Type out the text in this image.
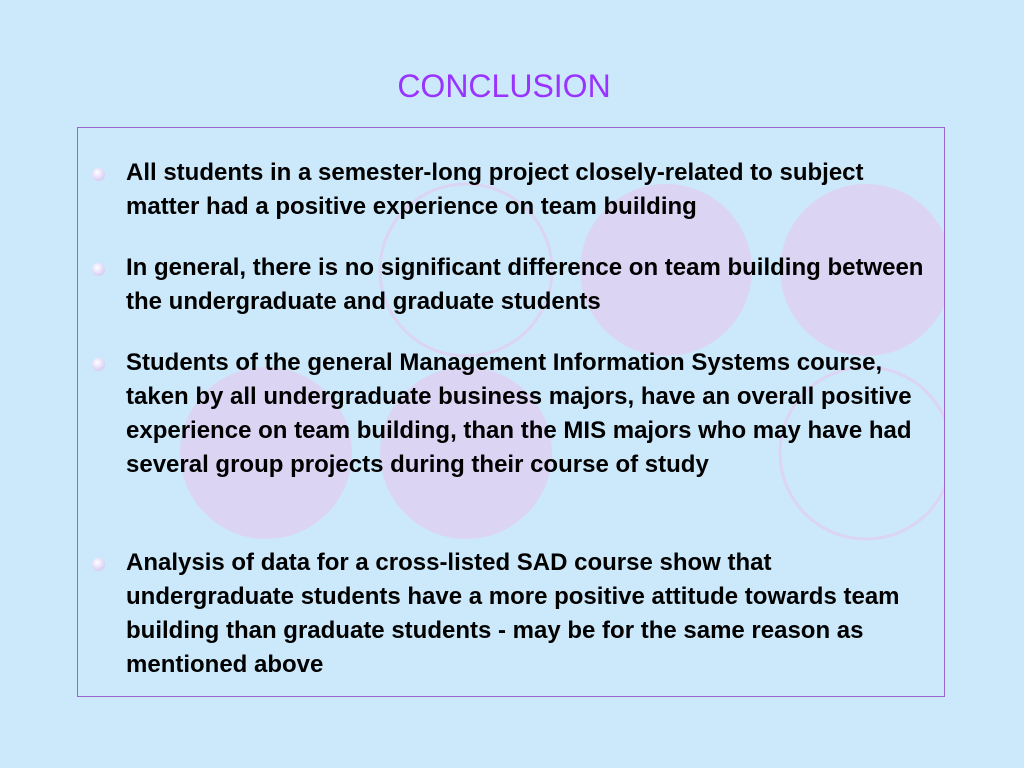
CONCLUSION
All students in a semester-long project closely-related to subject matter had a positive experience on team building
In general, there is no significant difference on team building between the undergraduate and graduate students
Students of the general Management Information Systems course, taken by all undergraduate business majors, have an overall positive experience on team building, than the MIS majors who may have had several group projects during their course of study
Analysis of data for a cross-listed SAD course show that undergraduate students have a more positive attitude towards team building than graduate students - may be for the same reason as mentioned above
